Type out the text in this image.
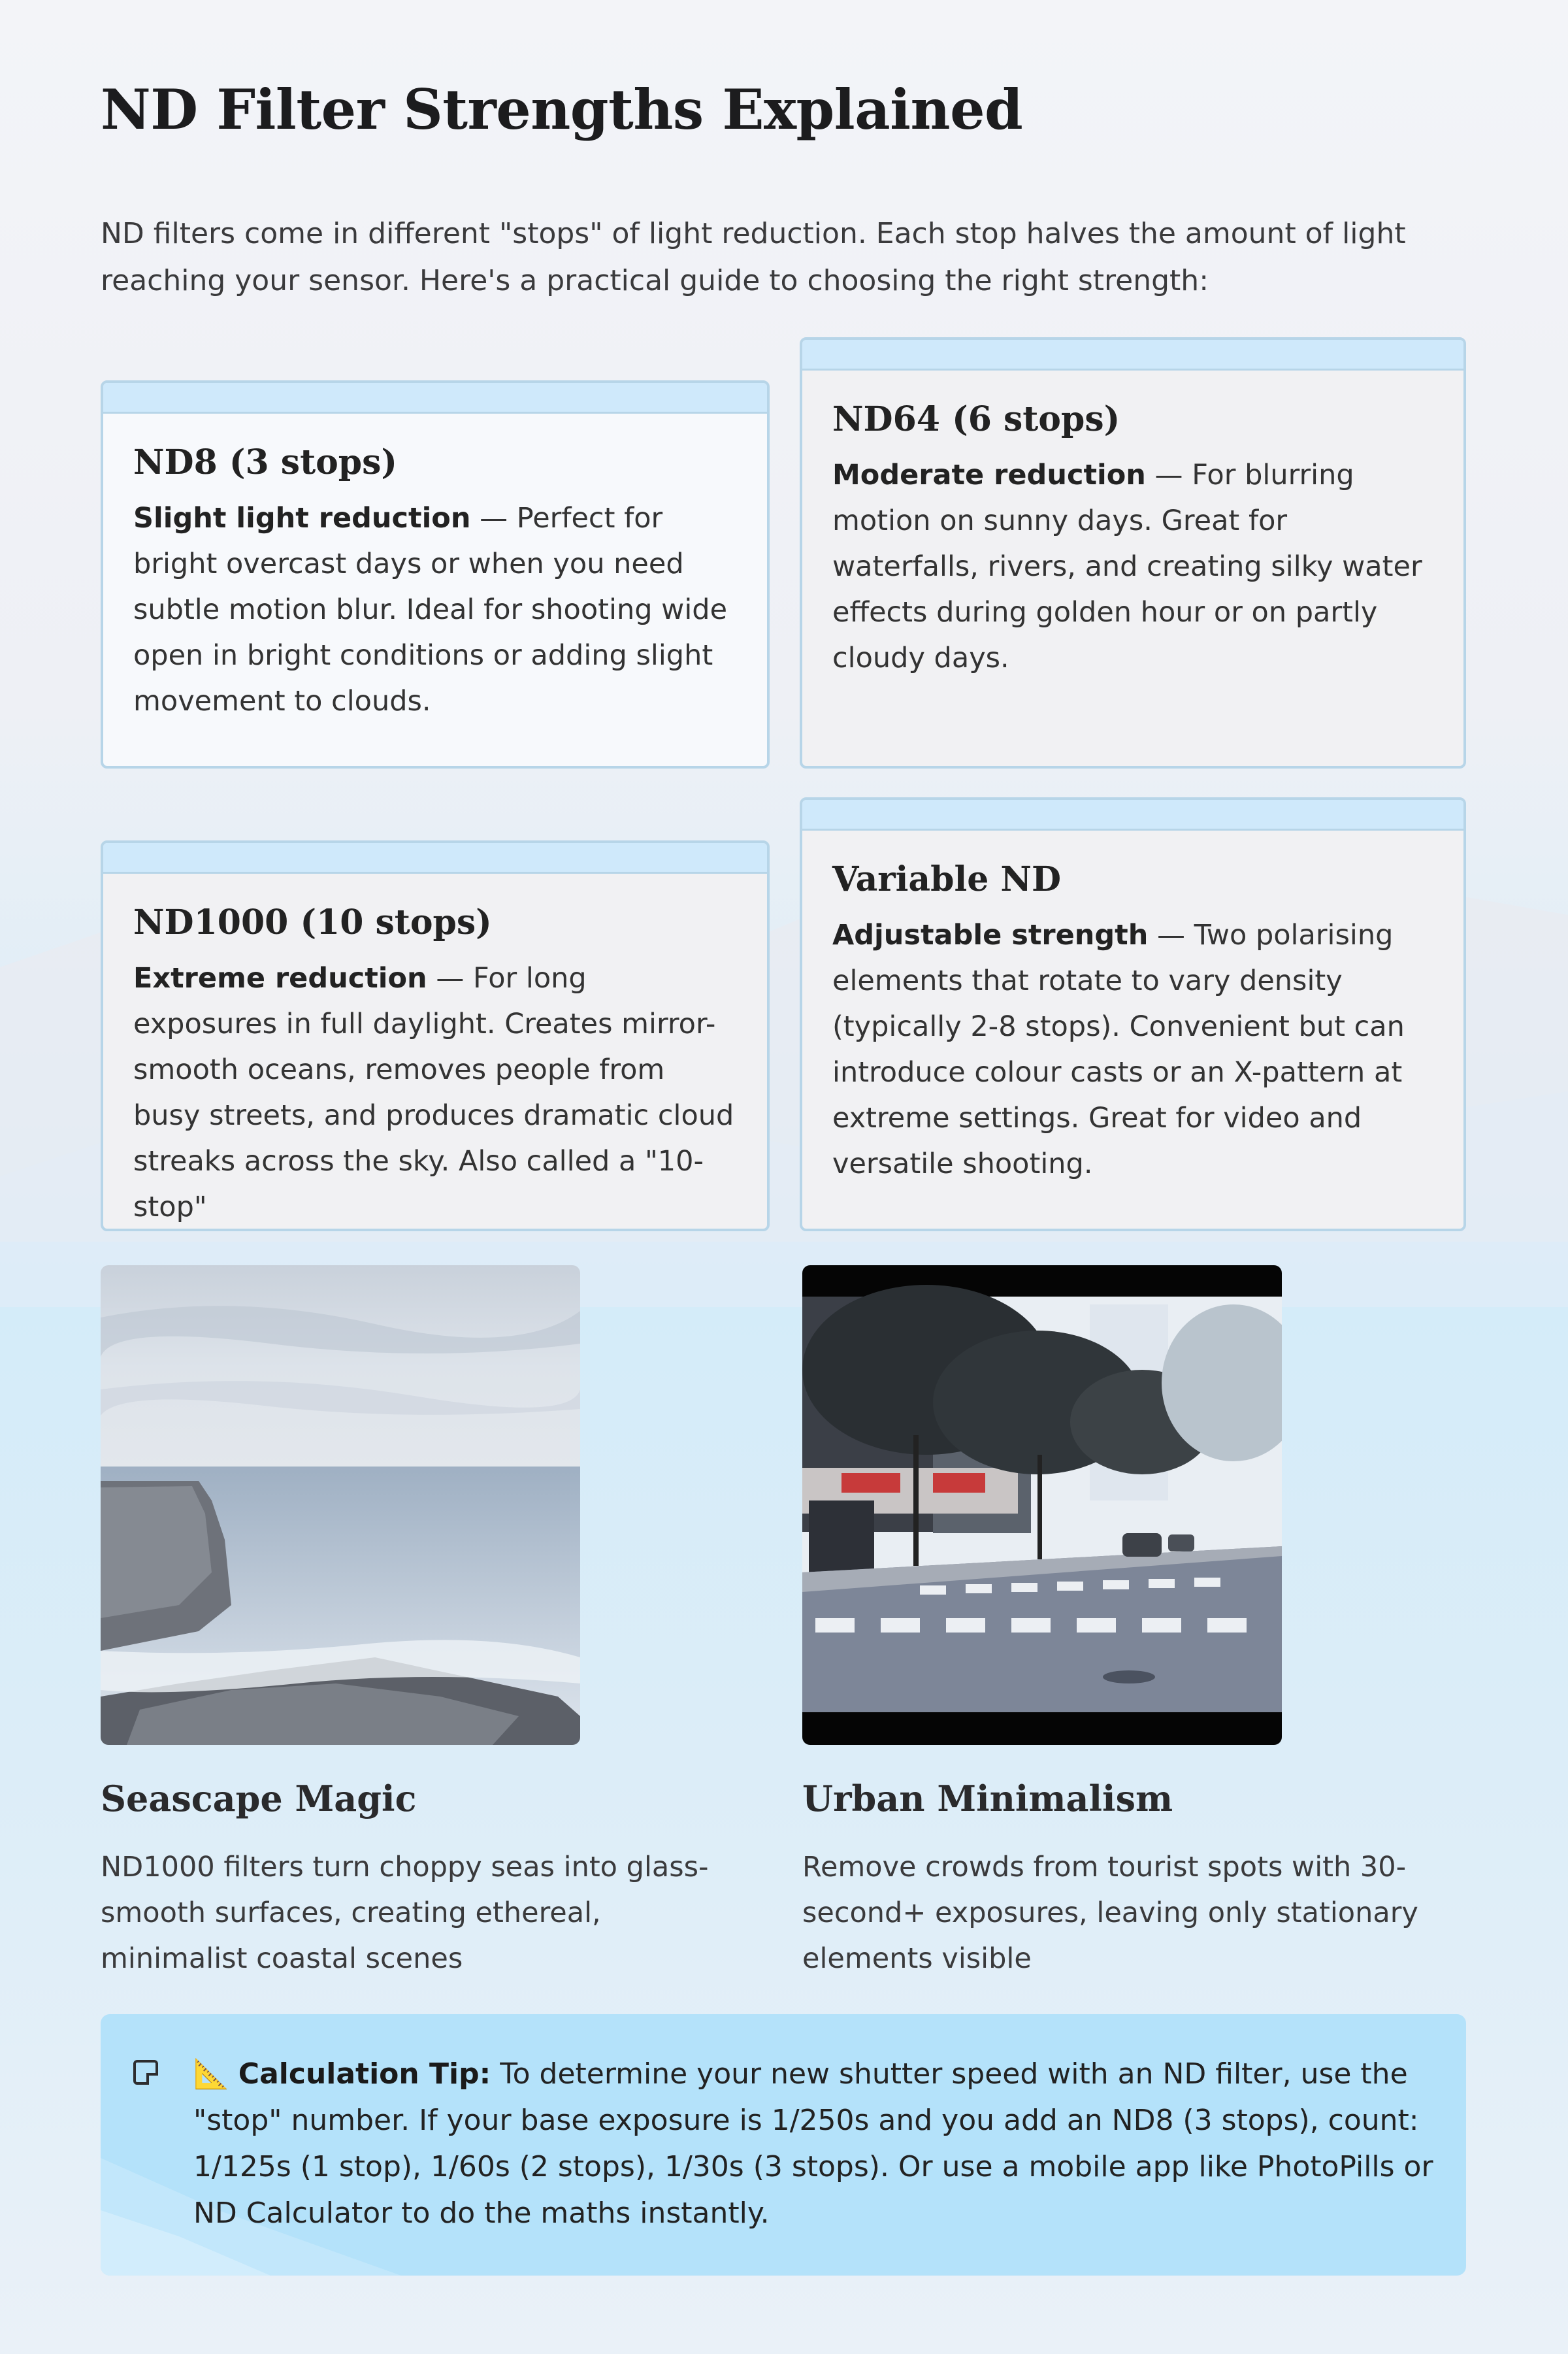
ND Filter Strengths Explained

ND filters come in different "stops" of light reduction. Each stop halves the amount of light reaching your sensor. Here's a practical guide to choosing the right strength:

ND8 (3 stops)

Slight light reduction — Perfect for bright overcast days or when you need subtle motion blur. Ideal for shooting wide open in bright conditions or adding slight movement to clouds.

ND64 (6 stops)

Moderate reduction — For blurring motion on sunny days. Great for waterfalls, rivers, and creating silky water effects during golden hour or on partly cloudy days.

ND1000 (10 stops)

Extreme reduction — For long exposures in full daylight. Creates mirror-smooth oceans, removes people from busy streets, and produces dramatic cloud streaks across the sky. Also called a "10-stop"

Variable ND

Adjustable strength — Two polarising elements that rotate to vary density (typically 2-8 stops). Convenient but can introduce colour casts or an X-pattern at extreme settings. Great for video and versatile shooting.

Seascape Magic

ND1000 filters turn choppy seas into glass-smooth surfaces, creating ethereal, minimalist coastal scenes

Urban Minimalism

Remove crowds from tourist spots with 30-second+ exposures, leaving only stationary elements visible

📐 Calculation Tip: To determine your new shutter speed with an ND filter, use the "stop" number. If your base exposure is 1/250s and you add an ND8 (3 stops), count: 1/125s (1 stop), 1/60s (2 stops), 1/30s (3 stops). Or use a mobile app like PhotoPills or ND Calculator to do the maths instantly.
